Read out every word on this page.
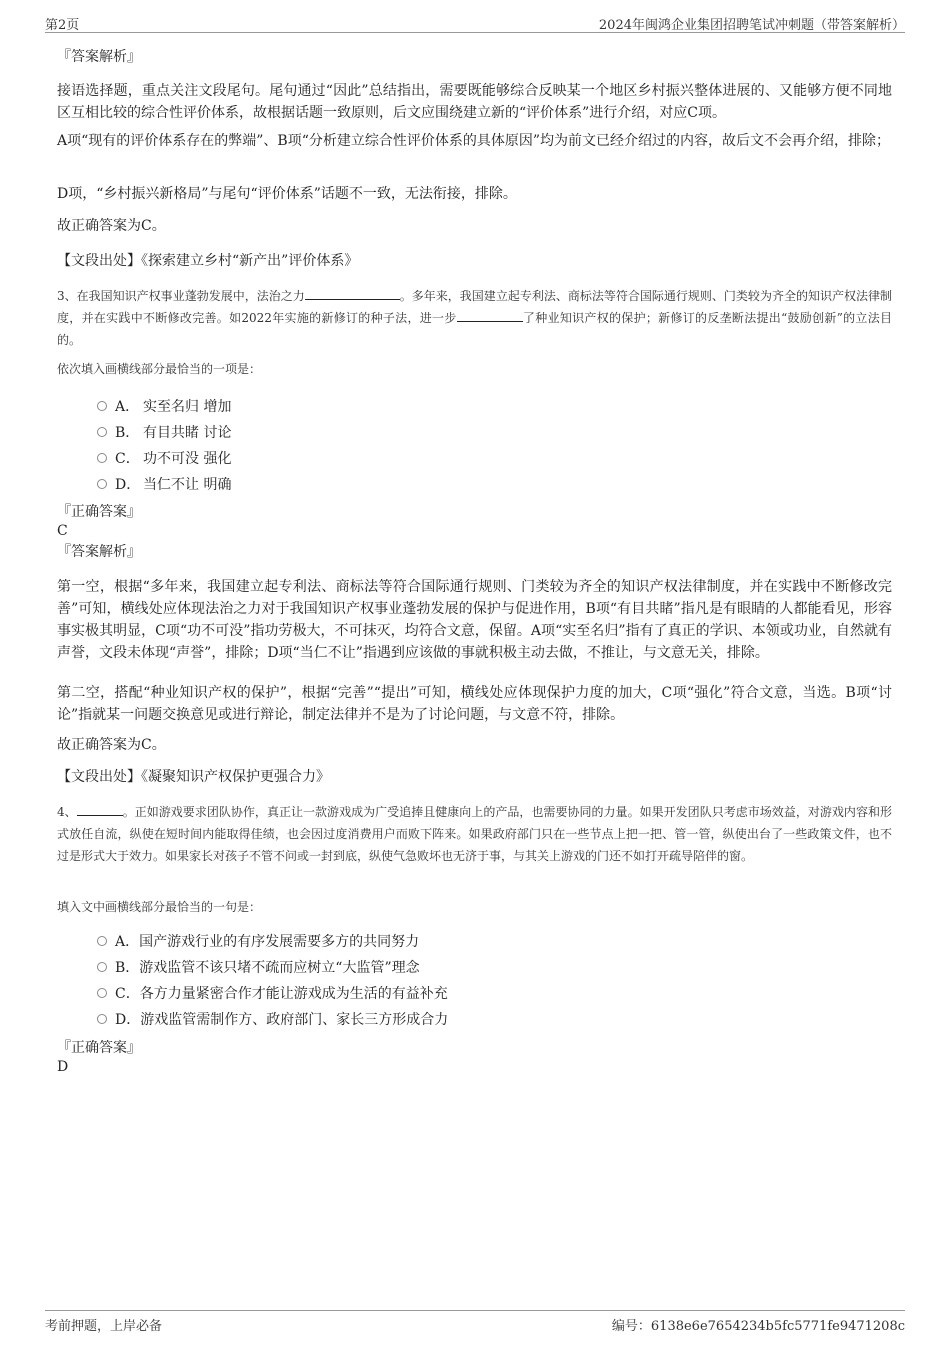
第2页	2024年闽鸿企业集团招聘笔试冲刺题（带答案解析）
『答案解析』
接语选择题，重点关注文段尾句。尾句通过“因此”总结指出，需要既能够综合反映某一个地区乡村振兴整体进展的、又能够方便不同地区互相比较的综合性评价体系，故根据话题一致原则，后文应围绕建立新的“评价体系”进行介绍，对应C项。
A项“现有的评价体系存在的弊端”、B项“分析建立综合性评价体系的具体原因”均为前文已经介绍过的内容，故后文不会再介绍，排除；
D项，“乡村振兴新格局”与尾句“评价体系”话题不一致，无法衔接，排除。
故正确答案为C。
【文段出处】《探索建立乡村“新产出”评价体系》
3、在我国知识产权事业蓬勃发展中，法治之力	。多年来，我国建立起专利法、商标法等符合国际通行规则、门类较为齐全的知识产权法律制度，并在实践中不断修改完善。如2022年实施的新修订的种子法，进一步	了种业知识产权的保护；新修订的反垄断法提出“鼓励创新”的立法目的。
依次填入画横线部分最恰当的一项是：
A． 实至名归 增加
B． 有目共睹 讨论
C． 功不可没 强化
D． 当仁不让 明确
『正确答案』
C
『答案解析』
第一空，根据“多年来，我国建立起专利法、商标法等符合国际通行规则、门类较为齐全的知识产权法律制度，并在实践中不断修改完善”可知，横线处应体现法治之力对于我国知识产权事业蓬勃发展的保护与促进作用，B项“有目共睹”指凡是有眼睛的人都能看见，形容事实极其明显，C项“功不可没”指功劳极大，不可抹灭，均符合文意，保留。A项“实至名归”指有了真正的学识、本领或功业，自然就有声誉，文段未体现“声誉”，排除；D项“当仁不让”指遇到应该做的事就积极主动去做，不推让，与文意无关，排除。
第二空，搭配“种业知识产权的保护”，根据“完善”“提出”可知，横线处应体现保护力度的加大，C项“强化”符合文意，当选。B项“讨论”指就某一问题交换意见或进行辩论，制定法律并不是为了讨论问题，与文意不符，排除。
故正确答案为C。
【文段出处】《凝聚知识产权保护更强合力》
4、	。正如游戏要求团队协作，真正让一款游戏成为广受追捧且健康向上的产品，也需要协同的力量。如果开发团队只考虑市场效益，对游戏内容和形式放任自流，纵使在短时间内能取得佳绩，也会因过度消费用户而败下阵来。如果政府部门只在一些节点上把一把、管一管，纵使出台了一些政策文件，也不过是形式大于效力。如果家长对孩子不管不问或一封到底，纵使气急败坏也无济于事，与其关上游戏的门还不如打开疏导陪伴的窗。
填入文中画横线部分最恰当的一句是：
A．国产游戏行业的有序发展需要多方的共同努力
B．游戏监管不该只堵不疏而应树立“大监管”理念
C．各方力量紧密合作才能让游戏成为生活的有益补充
D．游戏监管需制作方、政府部门、家长三方形成合力
『正确答案』
D
考前押题，上岸必备	编号：6138e6e7654234b5fc5771fe9471208c
